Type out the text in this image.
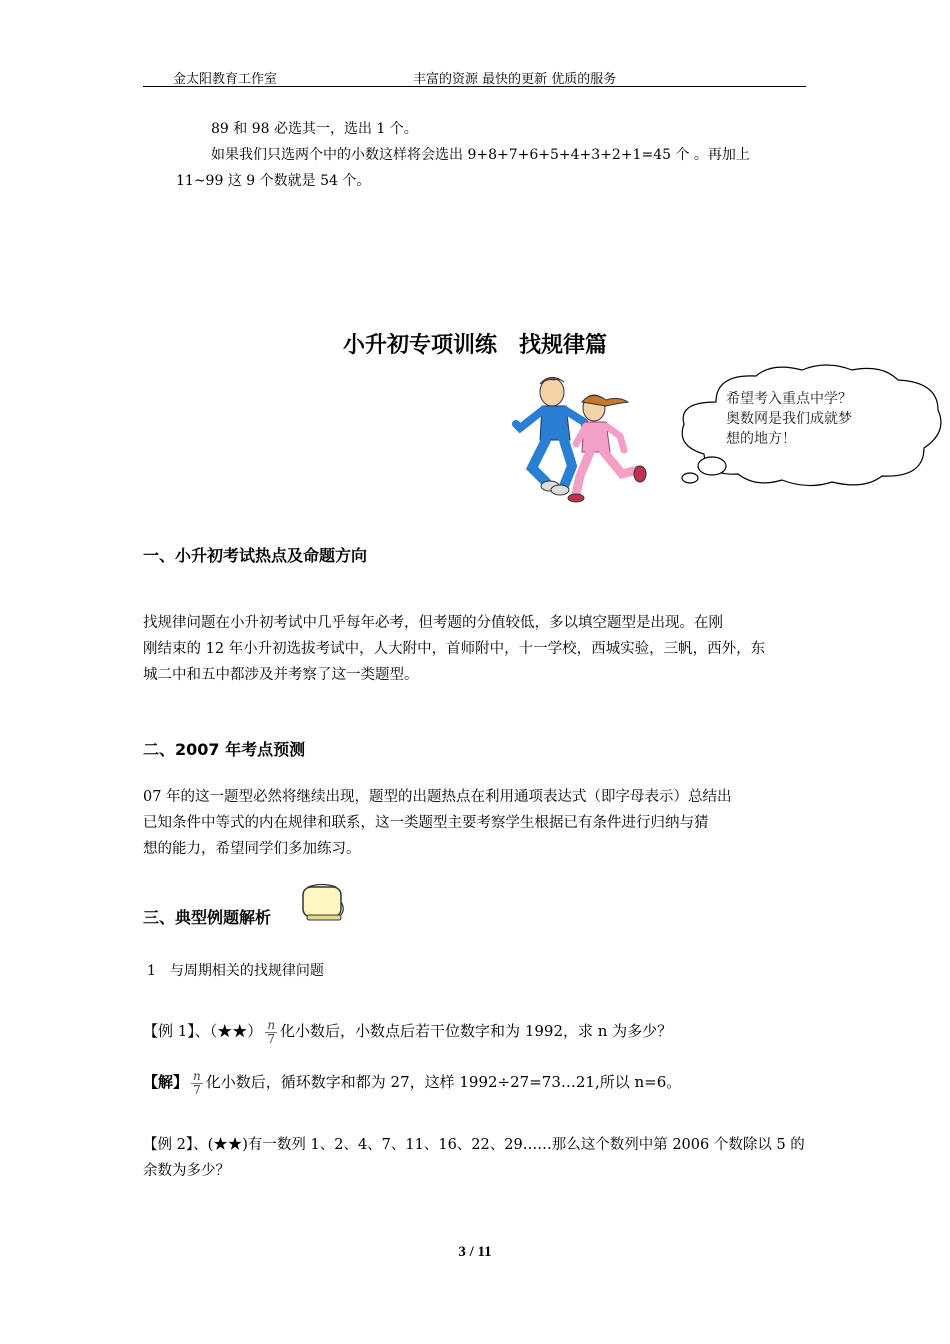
金太阳教育工作室	丰富的资源 最快的更新 优质的服务
89 和 98 必选其一，选出 1 个。
如果我们只选两个中的小数这样将会选出 9+8+7+6+5+4+3+2+1=45 个 。再加上
11~99 这 9 个数就是 54 个。
小升初专项训练　找规律篇
希望考入重点中学？
奥数网是我们成就梦
想的地方！
一、小升初考试热点及命题方向
找规律问题在小升初考试中几乎每年必考，但考题的分值较低，多以填空题型是出现。在刚
刚结束的 12 年小升初选拔考试中，人大附中，首师附中，十一学校，西城实验，三帆，西外，东
城二中和五中都涉及并考察了这一类题型。
二、2007 年考点预测
07 年的这一题型必然将继续出现，题型的出题热点在利用通项表达式（即字母表示）总结出
已知条件中等式的内在规律和联系，这一类题型主要考察学生根据已有条件进行归纳与猜
想的能力，希望同学们多加练习。
三、典型例题解析
1　与周期相关的找规律问题
【例 1】、（★★） $\frac{n}{7}$ 化小数后，小数点后若干位数字和为 1992，求 n 为多少？
【解】 $\frac{n}{7}$ 化小数后，循环数字和都为 27，这样 1992÷27=73…21,所以 n=6。
【例 2】、(★★)有一数列 1、2、4、7、11、16、22、29……那么这个数列中第 2006 个数除以 5 的
余数为多少？
3 / 11
